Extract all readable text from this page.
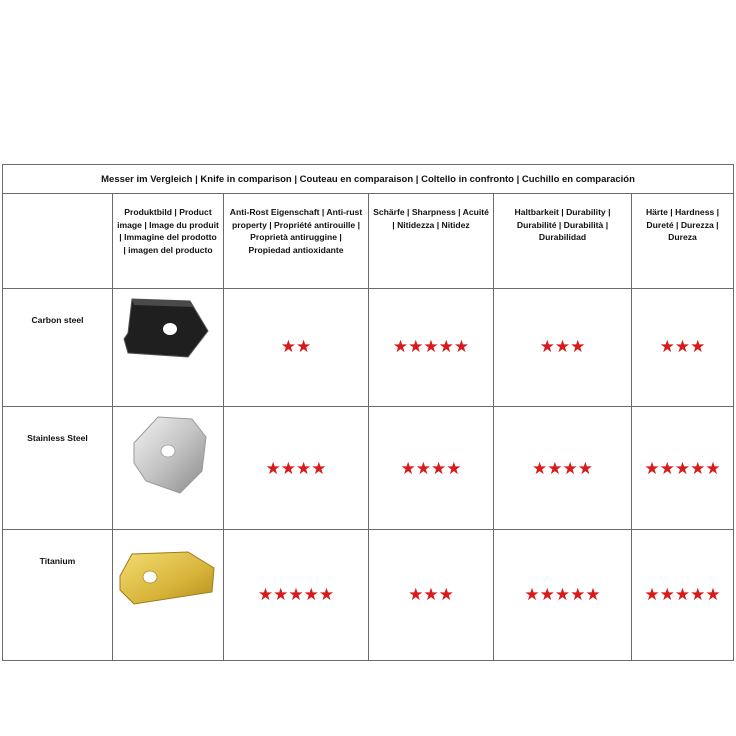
Messer im Vergleich | Knife in comparison | Couteau en comparaison | Coltello in confronto | Cuchillo en comparación					
	Produktbild | Product image | Image du produit | Immagine del prodotto | imagen del producto	Anti-Rost Eigenschaft | Anti-rust property | Propriété antirouille | Proprietà antiruggine | Propiedad antioxidante	Schärfe | Sharpness | Acuité | Nitidezza | Nitidez	Haltbarkeit | Durability | Durabilité | Durabilità | Durabilidad	Härte | Hardness | Dureté | Durezza | Dureza
Carbon steel		★★	★★★★★	★★★	★★★
Stainless Steel		★★★★	★★★★	★★★★	★★★★★
Titanium		★★★★★	★★★	★★★★★	★★★★★
